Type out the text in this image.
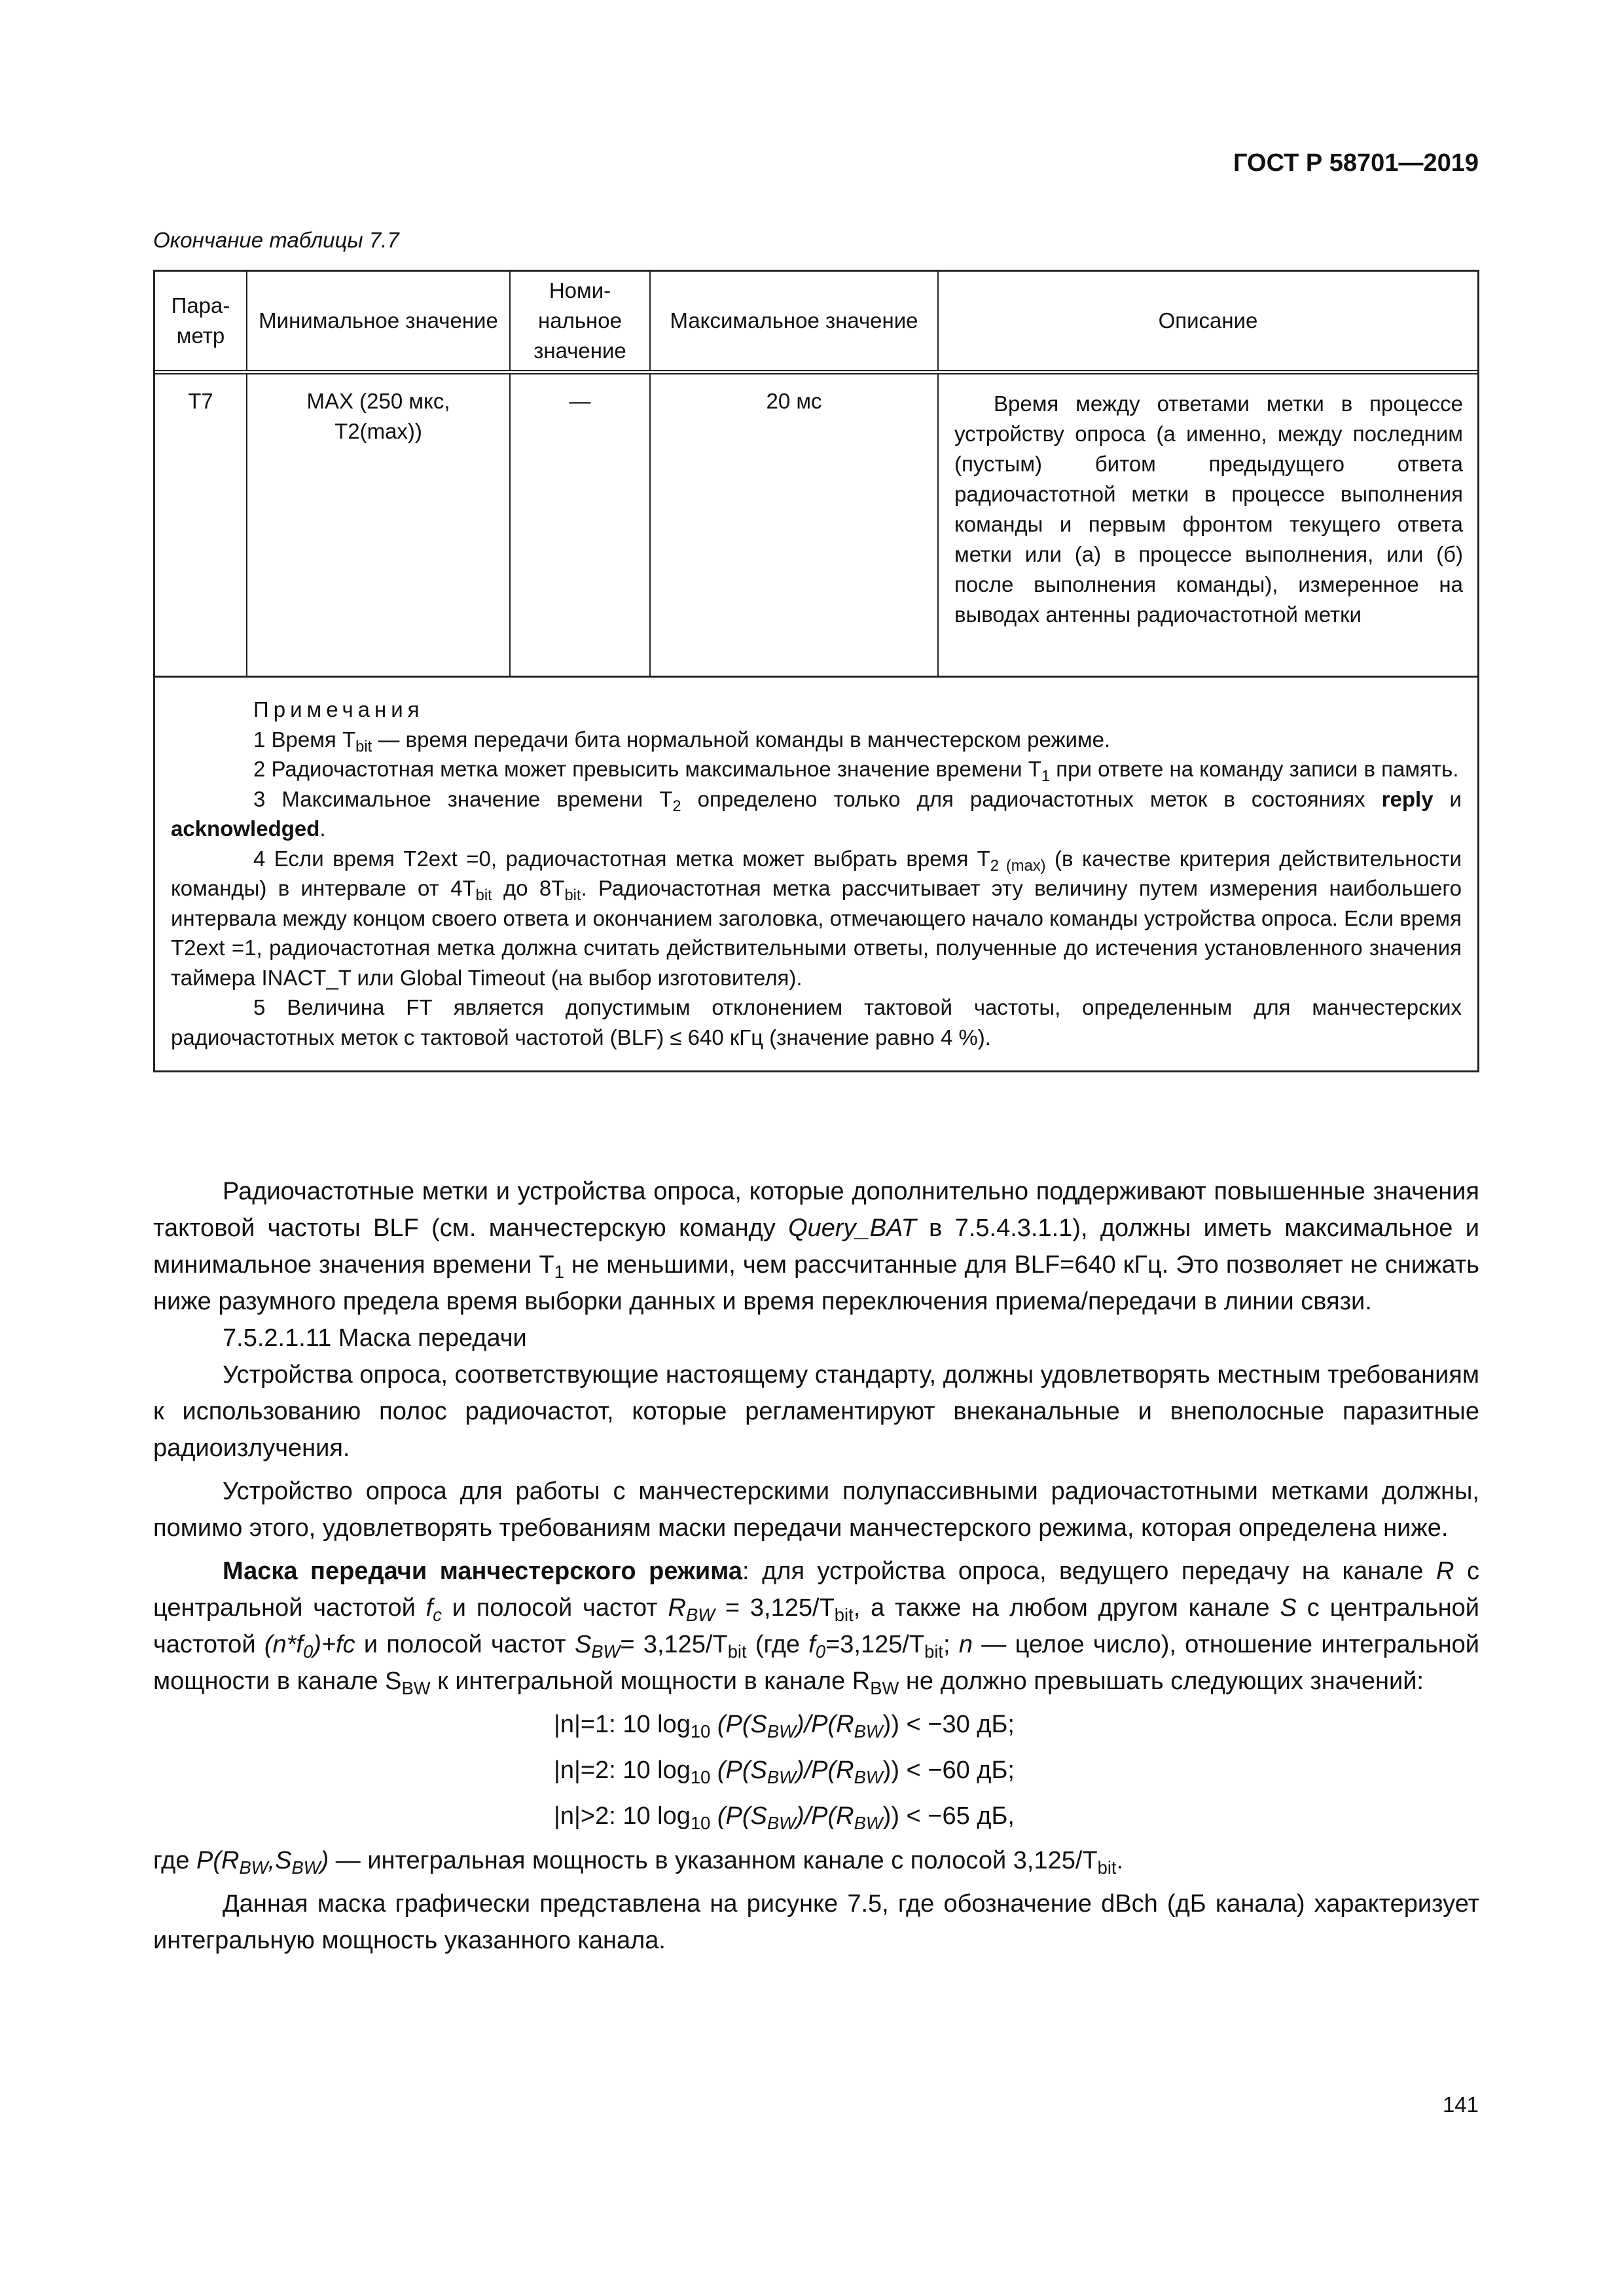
ГОСТ Р 58701—2019
Окончание таблицы 7.7
Пара-метр	Минимальное значение	Номи-нальное значение	Максимальное значение	Описание
T7	MAX (250 мкс, T2(max))	—	20 мс	Время между ответами метки в процессе устройству опроса (а именно, между последним (пустым) битом предыдущего ответа радиочастотной метки в процессе выполнения команды и первым фронтом текущего ответа метки или (а) в процессе выполнения, или (б) после выполнения команды), измеренное на выводах антенны радиочастотной метки

Примечания

1 Время $T_{bit}$ — время передачи бита нормальной команды в манчестерском режиме.

2 Радиочастотная метка может превысить максимальное значение времени $T_1$ при ответе на команду записи в память.

3 Максимальное значение времени $T_2$ определено только для радиочастотных меток в состояниях reply и acknowledged.

4 Если время T2ext =0, радиочастотная метка может выбрать время $T_{2 (max)}$ (в качестве критерия действительности команды) в интервале от $4T_{bit}$ до $8T_{bit}$. Радиочастотная метка рассчитывает эту величину путем измерения наибольшего интервала между концом своего ответа и окончанием заголовка, отмечающего начало команды устройства опроса. Если время T2ext =1, радиочастотная метка должна считать действительными ответы, полученные до истечения установленного значения таймера INACT_T или Global Timeout (на выбор изготовителя).

5 Величина FT является допустимым отклонением тактовой частоты, определенным для манчестерских радиочастотных меток с тактовой частотой (BLF) ≤ 640 кГц (значение равно 4 %).

Радиочастотные метки и устройства опроса, которые дополнительно поддерживают повышенные значения тактовой частоты BLF (см. манчестерскую команду Query_BAT в 7.5.4.3.1.1), должны иметь максимальное и минимальное значения времени $T_1$ не меньшими, чем рассчитанные для BLF=640 кГц. Это позволяет не снижать ниже разумного предела время выборки данных и время переключения приема/передачи в линии связи.

7.5.2.1.11 Маска передачи

Устройства опроса, соответствующие настоящему стандарту, должны удовлетворять местным требованиям к использованию полос радиочастот, которые регламентируют внеканальные и внеполосные паразитные радиоизлучения.

Устройство опроса для работы с манчестерскими полупассивными радиочастотными метками должны, помимо этого, удовлетворять требованиям маски передачи манчестерского режима, которая определена ниже.

Маска передачи манчестерского режима: для устройства опроса, ведущего передачу на канале R с центральной частотой $f_c$ и полосой частот $R_{BW} = 3,125/T_{bit}$, а также на любом другом канале S с центральной частотой $(n*f_0)+fc$ и полосой частот $S_{BW}= 3,125/T_{bit}$ (где $f_0=3,125/T_{bit}$; n — целое число), отношение интегральной мощности в канале $S_{BW}$ к интегральной мощности в канале $R_{BW}$ не должно превышать следующих значений:

|n|=1: 10 $\log_{10} (P(S_{BW})/P(R_{BW})) < -30$ дБ;

|n|=2: 10 $\log_{10} (P(S_{BW})/P(R_{BW})) < -60$ дБ;

|n|>2: 10 $\log_{10} (P(S_{BW})/P(R_{BW})) < -65$ дБ,

где $P(R_{BW},S_{BW})$ — интегральная мощность в указанном канале с полосой $3,125/T_{bit}$.

Данная маска графически представлена на рисунке 7.5, где обозначение dBch (дБ канала) характеризует интегральную мощность указанного канала.

141
